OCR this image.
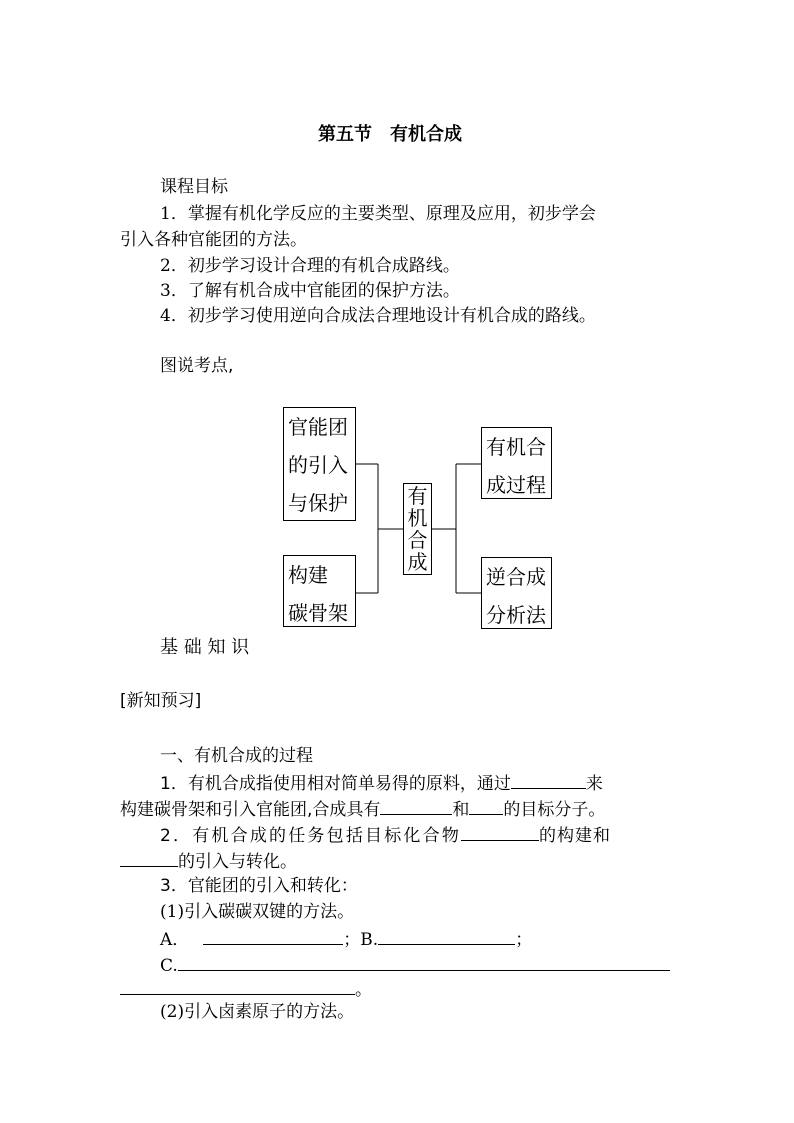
第五节　有机合成
课程目标
1．掌握有机化学反应的主要类型、原理及应用，初步学会
引入各种官能团的方法。
2．初步学习设计合理的有机合成路线。
3．了解有机合成中官能团的保护方法。
4．初步学习使用逆向合成法合理地设计有机合成的路线。
图说考点,
官能团
的引入
与保护
构建
碳骨架
有
机
合
成
有机合
成过程
逆合成
分析法
基 础 知 识
[新知预习]
一、有机合成的过程
1．有机合成指使用相对简单易得的原料，通过	来
构建碳骨架和引入官能团,合成具有	和 的目标分子。
2．有机合成的任务包括目标化合物	的构建和
的引入与转化。
3．官能团的引入和转化：
(1)引入碳碳双键的方法。
A．	；B.	；
C.
。
(2)引入卤素原子的方法。
